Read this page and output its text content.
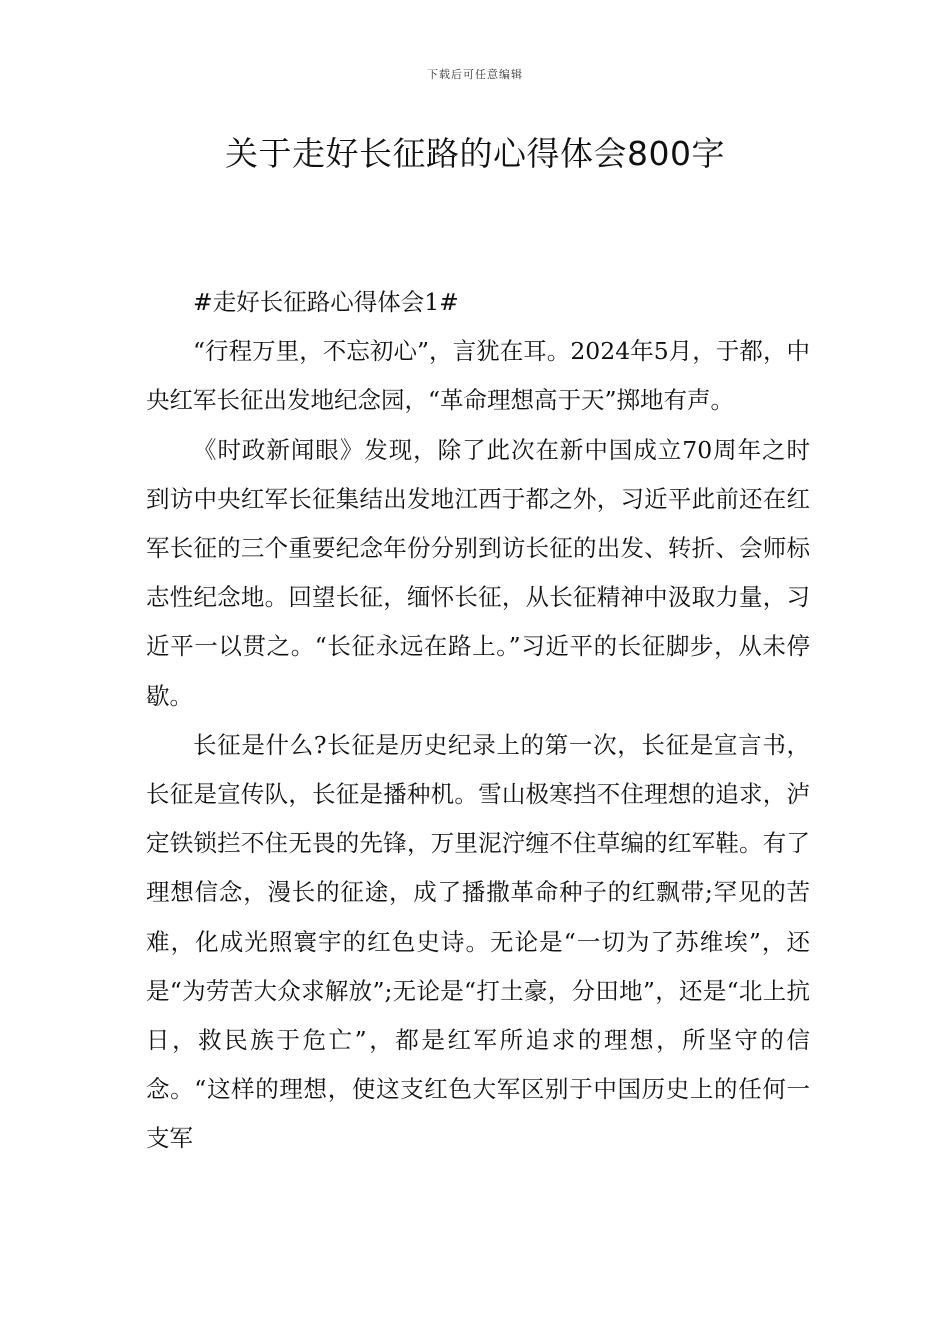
下载后可任意编辑
关于走好长征路的心得体会800字

#走好长征路心得体会1#

“行程万里，不忘初心”，言犹在耳。2024年5月，于都，中央红军长征出发地纪念园，“革命理想高于天”掷地有声。

《时政新闻眼》发现，除了此次在新中国成立70周年之时到访中央红军长征集结出发地江西于都之外，习近平此前还在红军长征的三个重要纪念年份分别到访长征的出发、转折、会师标志性纪念地。回望长征，缅怀长征，从长征精神中汲取力量，习近平一以贯之。“长征永远在路上。”习近平的长征脚步，从未停歇。

长征是什么?长征是历史纪录上的第一次，长征是宣言书，长征是宣传队，长征是播种机。雪山极寒挡不住理想的追求，泸定铁锁拦不住无畏的先锋，万里泥泞缠不住草编的红军鞋。有了理想信念，漫长的征途，成了播撒革命种子的红飘带;罕见的苦难，化成光照寰宇的红色史诗。无论是“一切为了苏维埃”，还是“为劳苦大众求解放”;无论是“打土豪，分田地”，还是“北上抗日，救民族于危亡”，都是红军所追求的理想，所坚守的信念。“这样的理想，使这支红色大军区别于中国历史上的任何一支军
